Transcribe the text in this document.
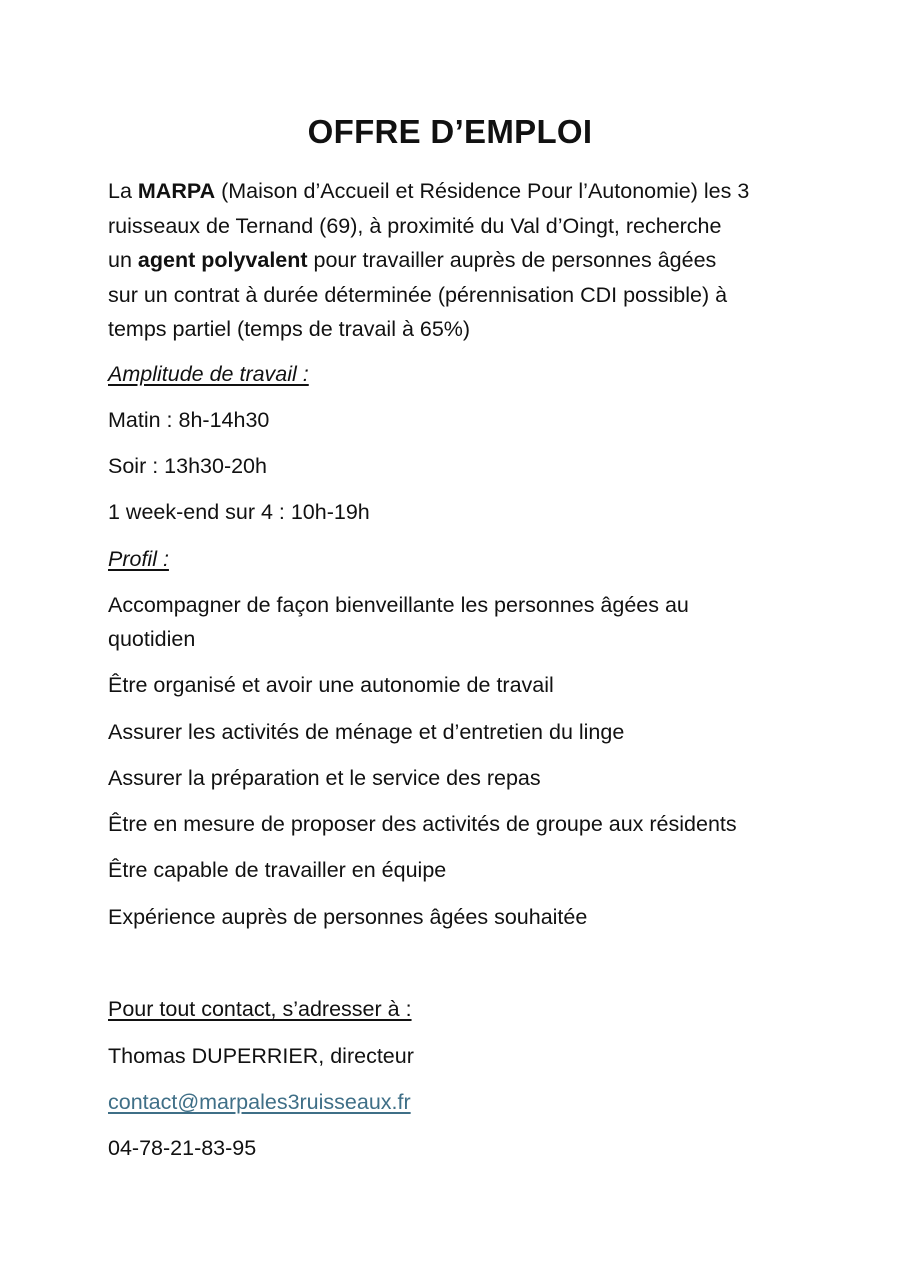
OFFRE D’EMPLOI

La MARPA (Maison d’Accueil et Résidence Pour l’Autonomie) les 3
ruisseaux de Ternand (69), à proximité du Val d’Oingt, recherche
un agent polyvalent pour travailler auprès de personnes âgées
sur un contrat à durée déterminée (pérennisation CDI possible) à
temps partiel (temps de travail à 65%)

Amplitude de travail :

Matin : 8h-14h30

Soir : 13h30-20h

1 week-end sur 4 : 10h-19h

Profil :

Accompagner de façon bienveillante les personnes âgées au

quotidien

Être organisé et avoir une autonomie de travail

Assurer les activités de ménage et d’entretien du linge

Assurer la préparation et le service des repas

Être en mesure de proposer des activités de groupe aux résidents

Être capable de travailler en équipe

Expérience auprès de personnes âgées souhaitée

Pour tout contact, s’adresser à :

Thomas DUPERRIER, directeur

contact@marpales3ruisseaux.fr

04-78-21-83-95
